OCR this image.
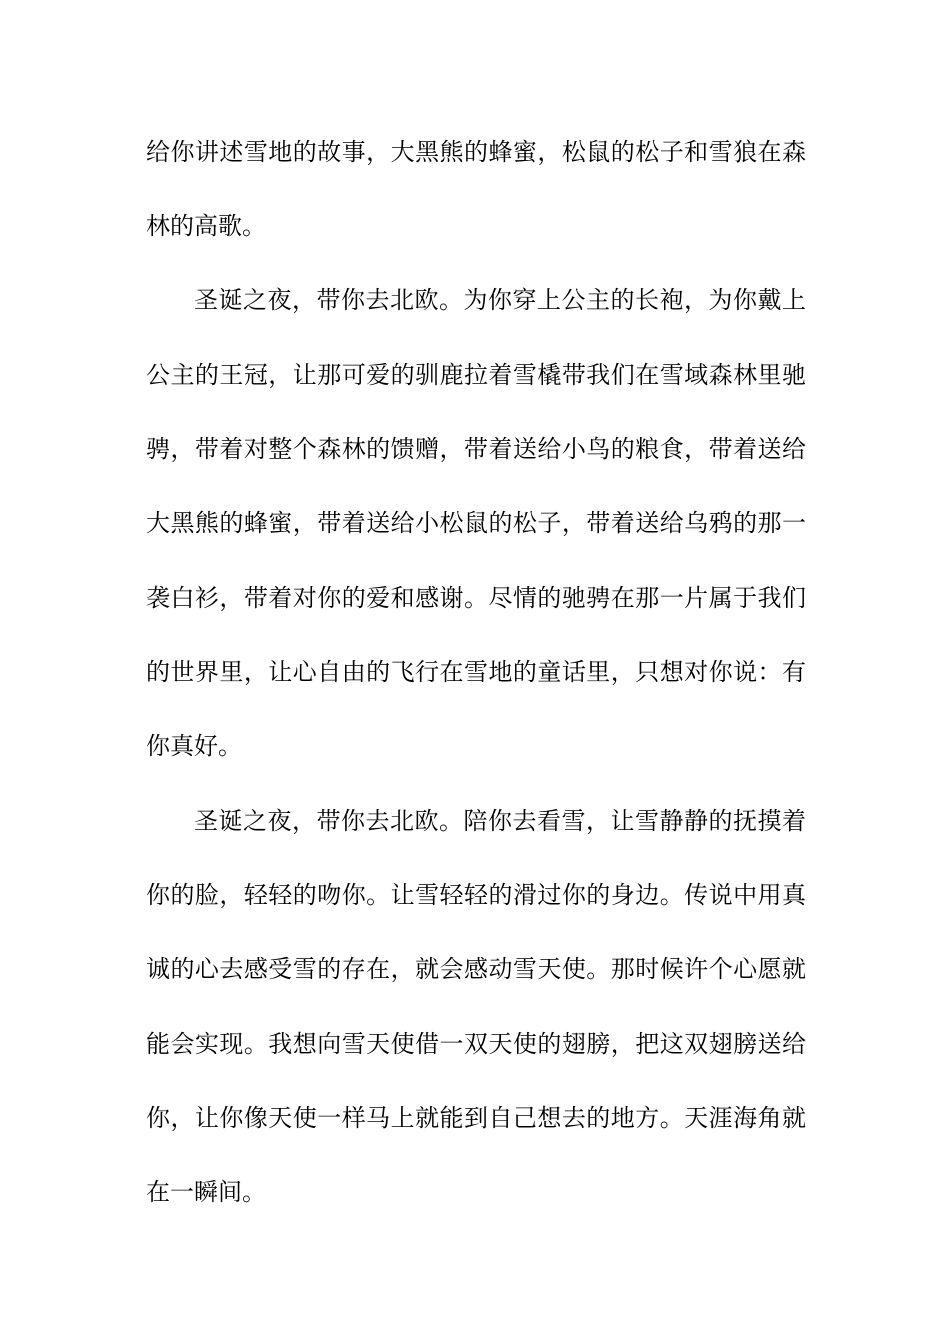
给你讲述雪地的故事，大黑熊的蜂蜜，松鼠的松子和雪狼在森
林的高歌。
圣诞之夜，带你去北欧。为你穿上公主的长袍，为你戴上
公主的王冠，让那可爱的驯鹿拉着雪橇带我们在雪域森林里驰
骋，带着对整个森林的馈赠，带着送给小鸟的粮食，带着送给
大黑熊的蜂蜜，带着送给小松鼠的松子，带着送给乌鸦的那一
袭白衫，带着对你的爱和感谢。尽情的驰骋在那一片属于我们
的世界里，让心自由的飞行在雪地的童话里，只想对你说：有
你真好。
圣诞之夜，带你去北欧。陪你去看雪，让雪静静的抚摸着
你的脸，轻轻的吻你。让雪轻轻的滑过你的身边。传说中用真
诚的心去感受雪的存在，就会感动雪天使。那时候许个心愿就
能会实现。我想向雪天使借一双天使的翅膀，把这双翅膀送给
你，让你像天使一样马上就能到自己想去的地方。天涯海角就
在一瞬间。
